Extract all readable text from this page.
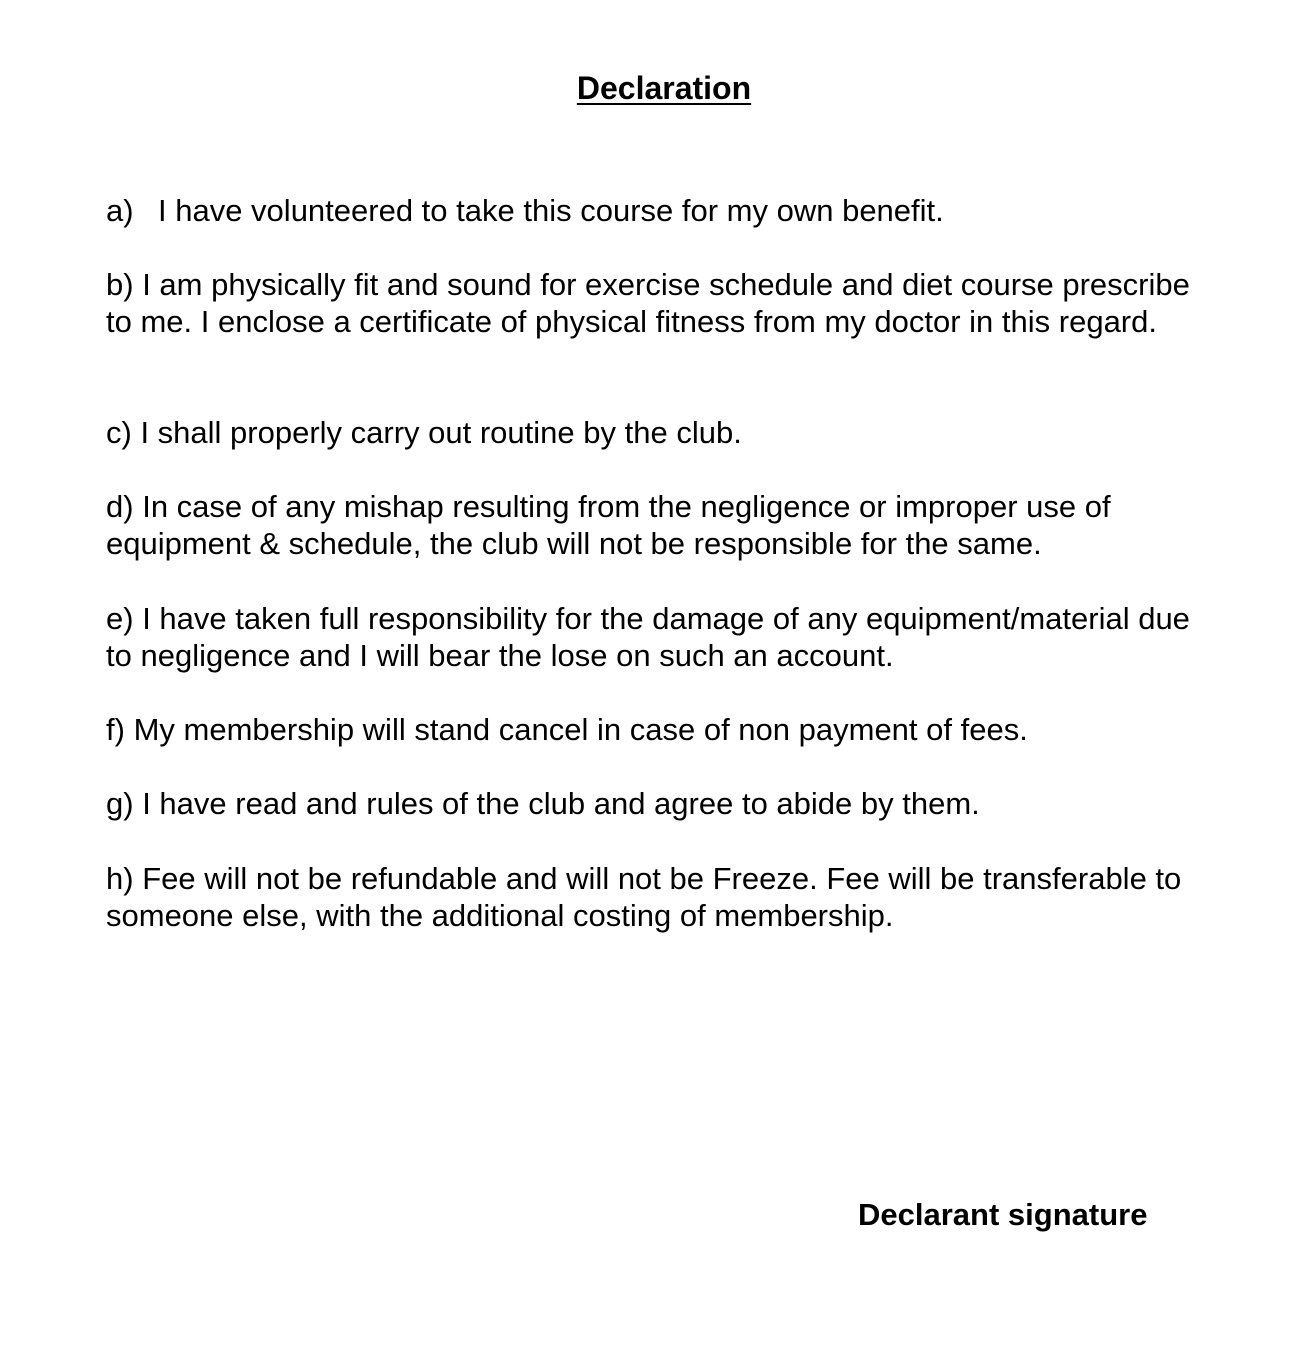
Declaration

a) I have volunteered to take this course for my own benefit.

b) I am physically fit and sound for exercise schedule and diet course prescribe to me. I enclose a certificate of physical fitness from my doctor in this regard.

c) I shall properly carry out routine by the club.

d) In case of any mishap resulting from the negligence or improper use of equipment & schedule, the club will not be responsible for the same.

e) I have taken full responsibility for the damage of any equipment/material due to negligence and I will bear the lose on such an account.

f) My membership will stand cancel in case of non payment of fees.

g) I have read and rules of the club and agree to abide by them.

h) Fee will not be refundable and will not be Freeze. Fee will be transferable to someone else, with the additional costing of membership.

Declarant signature
